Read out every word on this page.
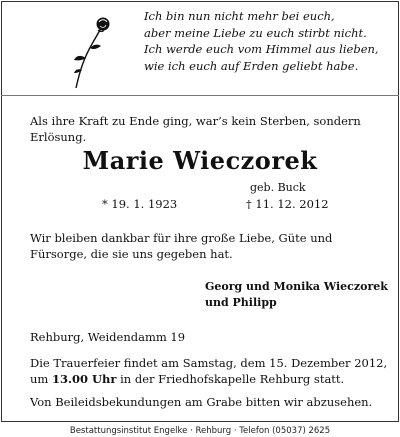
Ich bin nun nicht mehr bei euch,
aber meine Liebe zu euch stirbt nicht.
Ich werde euch vom Himmel aus lieben,
wie ich euch auf Erden geliebt habe.
Als ihre Kraft zu Ende ging, war’s kein Sterben, sondern Erlösung.
Marie Wieczorek
geb. Buck
* 19. 1. 1923	† 11. 12. 2012
Wir bleiben dankbar für ihre große Liebe, Güte und Fürsorge, die sie uns gegeben hat.
Georg und Monika Wieczorek
und Philipp
Rehburg, Weidendamm 19
Die Trauerfeier findet am Samstag, dem 15. Dezember 2012, um 13.00 Uhr in der Friedhofskapelle Rehburg statt.
Von Beileidsbekundungen am Grabe bitten wir abzusehen.
Bestattungsinstitut Engelke · Rehburg · Telefon (05037) 2625
